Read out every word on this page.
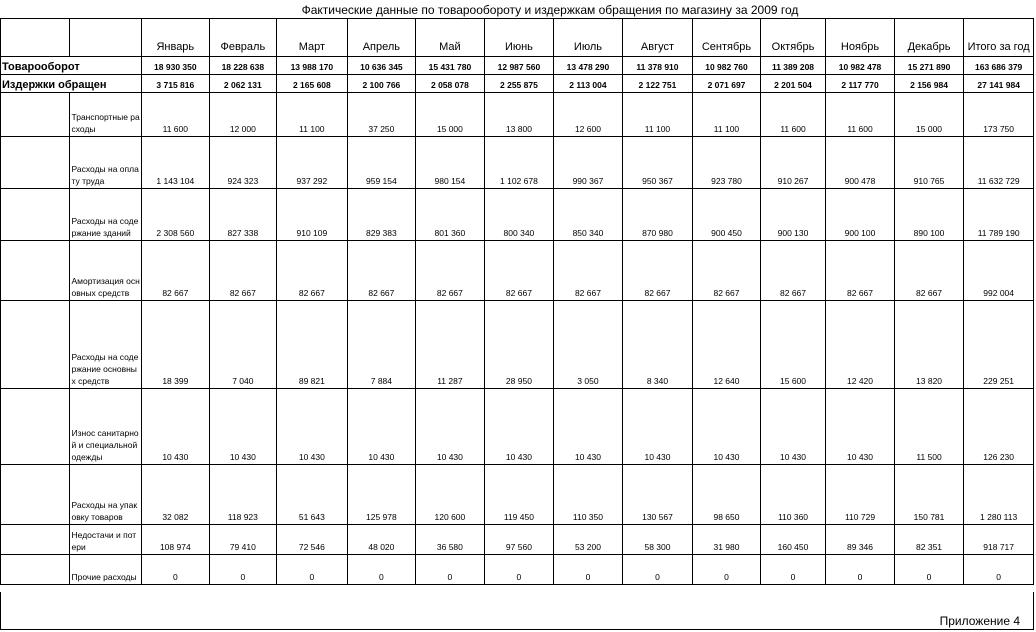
Фактические данные по товарообороту и издержкам обращения по магазину за 2009 год
		Январь	Февраль	Март	Апрель	Май	Июнь	Июль	Август	Сентябрь	Октябрь	Ноябрь	Декабрь	Итого за год
Товарооборот		18 930 350	18 228 638	13 988 170	10 636 345	15 431 780	12 987 560	13 478 290	11 378 910	10 982 760	11 389 208	10 982 478	15 271 890	163 686 379
Издержки обращен		3 715 816	2 062 131	2 165 608	2 100 766	2 058 078	2 255 875	2 113 004	2 122 751	2 071 697	2 201 504	2 117 770	2 156 984	27 141 984
	Транспортные расходы	11 600	12 000	11 100	37 250	15 000	13 800	12 600	11 100	11 100	11 600	11 600	15 000	173 750
	Расходы на оплату труда	1 143 104	924 323	937 292	959 154	980 154	1 102 678	990 367	950 367	923 780	910 267	900 478	910 765	11 632 729
	Расходы на содержание зданий	2 308 560	827 338	910 109	829 383	801 360	800 340	850 340	870 980	900 450	900 130	900 100	890 100	11 789 190
	Амортизация основных средств	82 667	82 667	82 667	82 667	82 667	82 667	82 667	82 667	82 667	82 667	82 667	82 667	992 004
	Расходы на содержание основных средств	18 399	7 040	89 821	7 884	11 287	28 950	3 050	8 340	12 640	15 600	12 420	13 820	229 251
	Износ санитарной и специальной одежды	10 430	10 430	10 430	10 430	10 430	10 430	10 430	10 430	10 430	10 430	10 430	11 500	126 230
	Расходы на упаковку товаров	32 082	118 923	51 643	125 978	120 600	119 450	110 350	130 567	98 650	110 360	110 729	150 781	1 280 113
	Недостачи и потери	108 974	79 410	72 546	48 020	36 580	97 560	53 200	58 300	31 980	160 450	89 346	82 351	918 717
	Прочие расходы	0	0	0	0	0	0	0	0	0	0	0	0	0
Приложение 4
